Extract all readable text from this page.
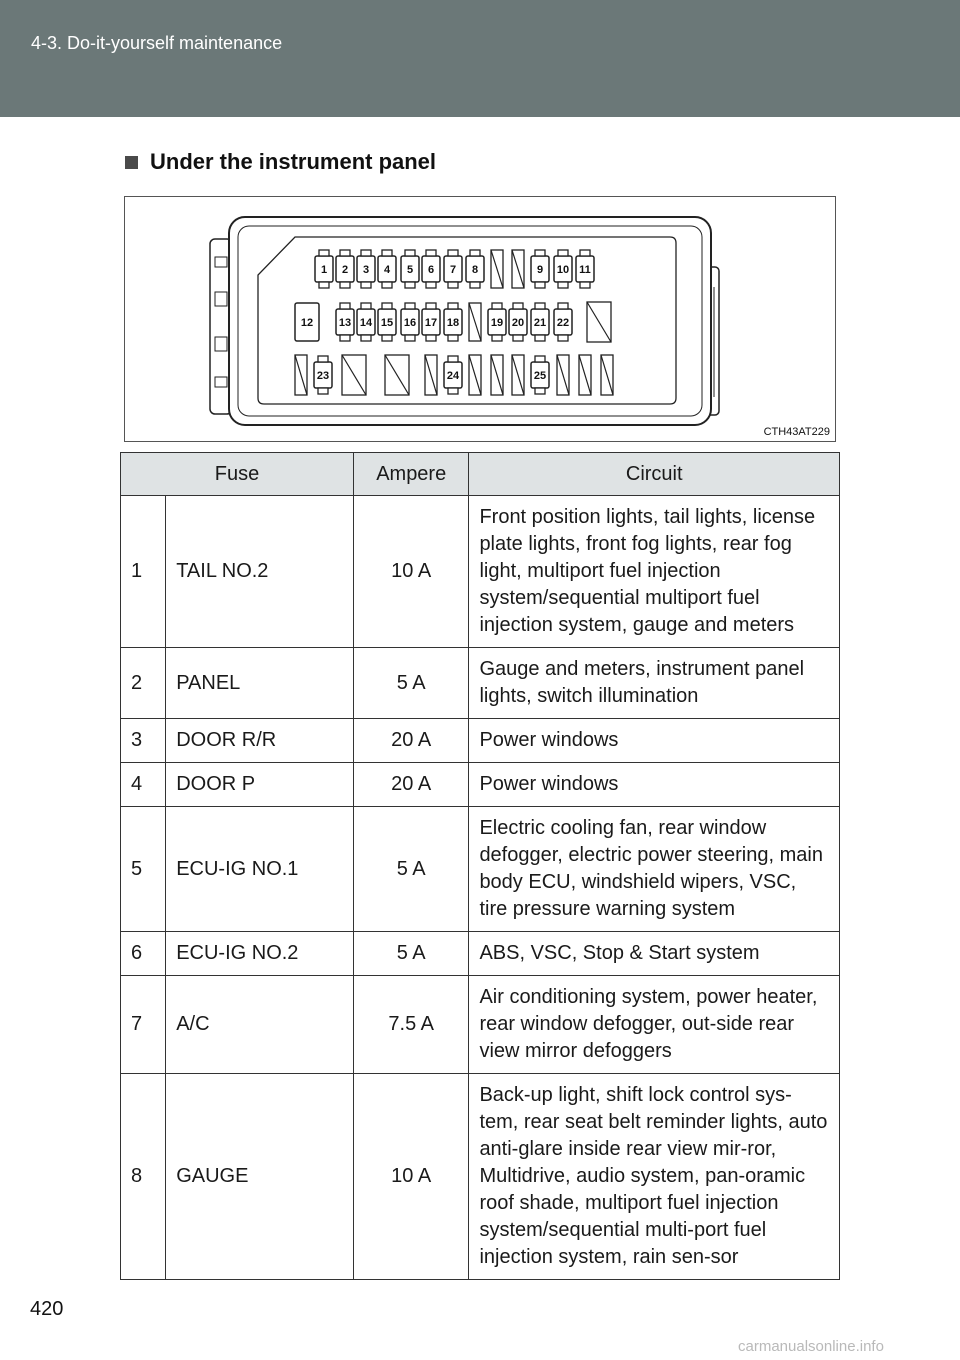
4-3. Do-it-yourself maintenance
Under the instrument panel
1 2 3 4 5 6 7 8	9 10 11
12 13 14 15 16 17 18	19 20 21 22
23	24	25
CTH43AT229
Fuse		Ampere	Circuit
1	TAIL NO.2	10 A	Front position lights, tail lights, license plate lights, front fog lights, rear fog light, multiport fuel injection system/sequential multiport fuel injection system, gauge and meters
2	PANEL	5 A	Gauge and meters, instrument panel lights, switch illumination
3	DOOR R/R	20 A	Power windows
4	DOOR P	20 A	Power windows
5	ECU-IG NO.1	5 A	Electric cooling fan, rear window defogger, electric power steering, main body ECU, windshield wipers, VSC, tire pressure warning system
6	ECU-IG NO.2	5 A	ABS, VSC, Stop & Start system
7	A/C	7.5 A	Air conditioning system, power heater, rear window defogger, out-side rear view mirror defoggers
8	GAUGE	10 A	Back-up light, shift lock control sys-tem, rear seat belt reminder lights, auto anti-glare inside rear view mir-ror, Multidrive, audio system, pan-oramic roof shade, multiport fuel injection system/sequential multi-port fuel injection system, rain sen-sor
420
carmanualsonline.info
